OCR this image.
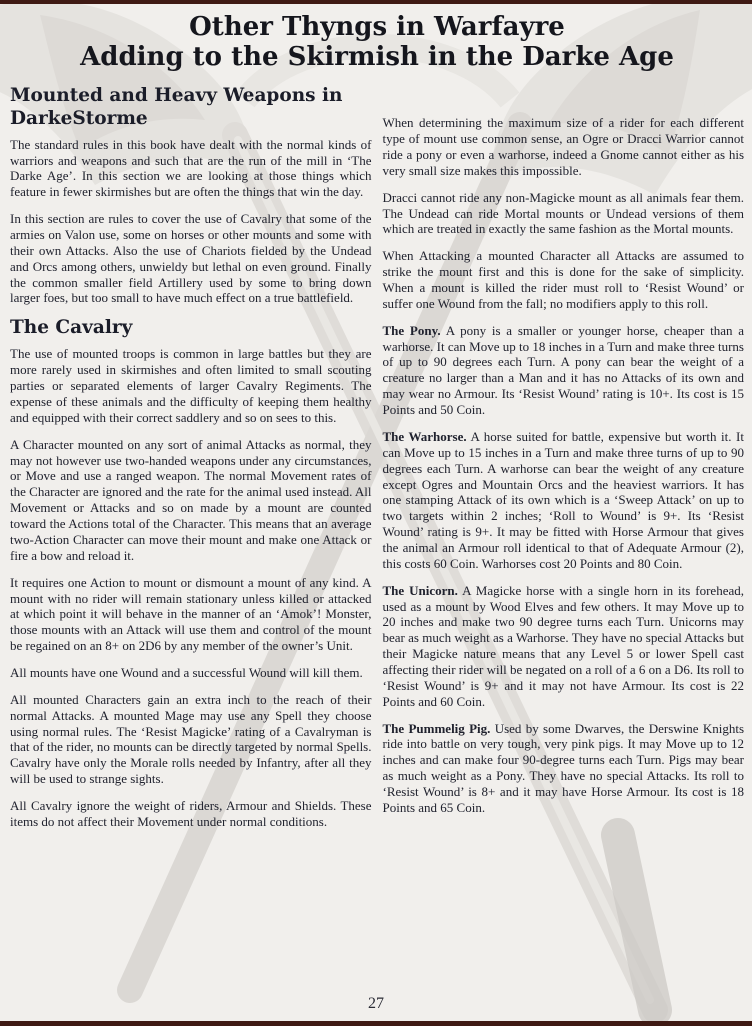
Other Thyngs in Warfayre
Adding to the Skirmish in the Darke Age
Mounted and Heavy Weapons in DarkeStorme

The standard rules in this book have dealt with the normal kinds of warriors and weapons and such that are the run of the mill in ‘The Darke Age’. In this section we are looking at those things which feature in fewer skirmishes but are often the things that win the day.

In this section are rules to cover the use of Cavalry that some of the armies on Valon use, some on horses or other mounts and some with their own Attacks. Also the use of Chariots fielded by the Undead and Orcs among others, unwieldy but lethal on even ground. Finally the common smaller field Artillery used by some to bring down larger foes, but too small to have much effect on a true battlefield.

The Cavalry

The use of mounted troops is common in large battles but they are more rarely used in skirmishes and often limited to small scouting parties or separated elements of larger Cavalry Regiments. The expense of these animals and the difficulty of keeping them healthy and equipped with their correct saddlery and so on sees to this.

A Character mounted on any sort of animal Attacks as normal, they may not however use two-handed weapons under any circumstances, or Move and use a ranged weapon. The normal Movement rates of the Character are ignored and the rate for the animal used instead. All Movement or Attacks and so on made by a mount are counted toward the Actions total of the Character. This means that an average two-Action Character can move their mount and make one Attack or fire a bow and reload it.

It requires one Action to mount or dismount a mount of any kind. A mount with no rider will remain stationary unless killed or attacked at which point it will behave in the manner of an ‘Amok’! Monster, those mounts with an Attack will use them and control of the mount be regained on an 8+ on 2D6 by any member of the owner’s Unit.

All mounts have one Wound and a successful Wound will kill them.

All mounted Characters gain an extra inch to the reach of their normal Attacks. A mounted Mage may use any Spell they choose using normal rules. The ‘Resist Magicke’ rating of a Cavalryman is that of the rider, no mounts can be directly targeted by normal Spells. Cavalry have only the Morale rolls needed by Infantry, after all they will be used to strange sights.

All Cavalry ignore the weight of riders, Armour and Shields. These items do not affect their Movement under normal conditions.

When determining the maximum size of a rider for each different type of mount use common sense, an Ogre or Dracci Warrior cannot ride a pony or even a warhorse, indeed a Gnome cannot either as his very small size makes this impossible.

Dracci cannot ride any non-Magicke mount as all animals fear them. The Undead can ride Mortal mounts or Undead versions of them which are treated in exactly the same fashion as the Mortal mounts.

When Attacking a mounted Character all Attacks are assumed to strike the mount first and this is done for the sake of simplicity. When a mount is killed the rider must roll to ‘Resist Wound’ or suffer one Wound from the fall; no modifiers apply to this roll.

The Pony. A pony is a smaller or younger horse, cheaper than a warhorse. It can Move up to 18 inches in a Turn and make three turns of up to 90 degrees each Turn. A pony can bear the weight of a creature no larger than a Man and it has no Attacks of its own and may wear no Armour. Its ‘Resist Wound’ rating is 10+. Its cost is 15 Points and 50 Coin.

The Warhorse. A horse suited for battle, expensive but worth it. It can Move up to 15 inches in a Turn and make three turns of up to 90 degrees each Turn. A warhorse can bear the weight of any creature except Ogres and Mountain Orcs and the heaviest warriors. It has one stamping Attack of its own which is a ‘Sweep Attack’ on up to two targets within 2 inches; ‘Roll to Wound’ is 9+. Its ‘Resist Wound’ rating is 9+. It may be fitted with Horse Armour that gives the animal an Armour roll identical to that of Adequate Armour (2), this costs 60 Coin. Warhorses cost 20 Points and 80 Coin.

The Unicorn. A Magicke horse with a single horn in its forehead, used as a mount by Wood Elves and few others. It may Move up to 20 inches and make two 90 degree turns each Turn. Unicorns may bear as much weight as a Warhorse. They have no special Attacks but their Magicke nature means that any Level 5 or lower Spell cast affecting their rider will be negated on a roll of a 6 on a D6. Its roll to ‘Resist Wound’ is 9+ and it may not have Armour. Its cost is 22 Points and 60 Coin.

The Pummelig Pig. Used by some Dwarves, the Derswine Knights ride into battle on very tough, very pink pigs. It may Move up to 12 inches and can make four 90-degree turns each Turn. Pigs may bear as much weight as a Pony. They have no special Attacks. Its roll to ‘Resist Wound’ is 8+ and it may have Horse Armour. Its cost is 18 Points and 65 Coin.

27
